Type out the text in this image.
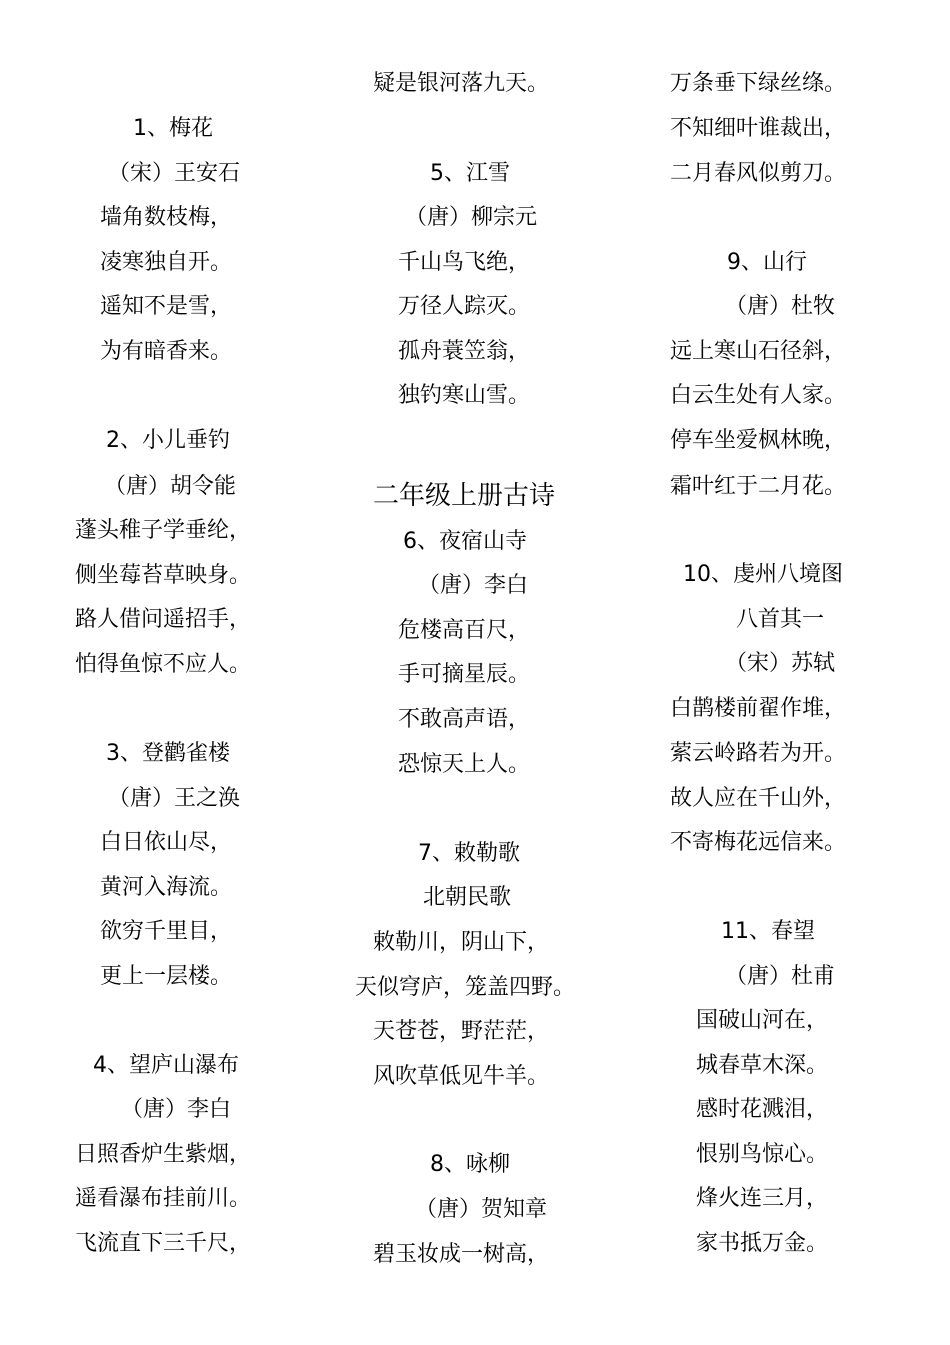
1、梅花
（宋）王安石
墙角数枝梅，
凌寒独自开。
遥知不是雪，
为有暗香来。
2、小儿垂钓
（唐）胡令能
蓬头稚子学垂纶，
侧坐莓苔草映身。
路人借问遥招手，
怕得鱼惊不应人。
3、登鹳雀楼
（唐）王之涣
白日依山尽，
黄河入海流。
欲穷千里目，
更上一层楼。
4、望庐山瀑布
（唐）李白
日照香炉生紫烟，
遥看瀑布挂前川。
飞流直下三千尺，
疑是银河落九天。
5、江雪
（唐）柳宗元
千山鸟飞绝，
万径人踪灭。
孤舟蓑笠翁，
独钓寒山雪。
二年级上册古诗
6、夜宿山寺
（唐）李白
危楼高百尺，
手可摘星辰。
不敢高声语，
恐惊天上人。
7、敕勒歌
北朝民歌
敕勒川，阴山下，
天似穹庐，笼盖四野。
天苍苍，野茫茫，
风吹草低见牛羊。
8、咏柳
（唐）贺知章
碧玉妆成一树高，
万条垂下绿丝绦。
不知细叶谁裁出，
二月春风似剪刀。
9、山行
（唐）杜牧
远上寒山石径斜，
白云生处有人家。
停车坐爱枫林晚，
霜叶红于二月花。
10、虔州八境图
八首其一
（宋）苏轼
白鹊楼前翟作堆，
萦云岭路若为开。
故人应在千山外，
不寄梅花远信来。
11、春望
（唐）杜甫
国破山河在，
城春草木深。
感时花溅泪，
恨别鸟惊心。
烽火连三月，
家书抵万金。
